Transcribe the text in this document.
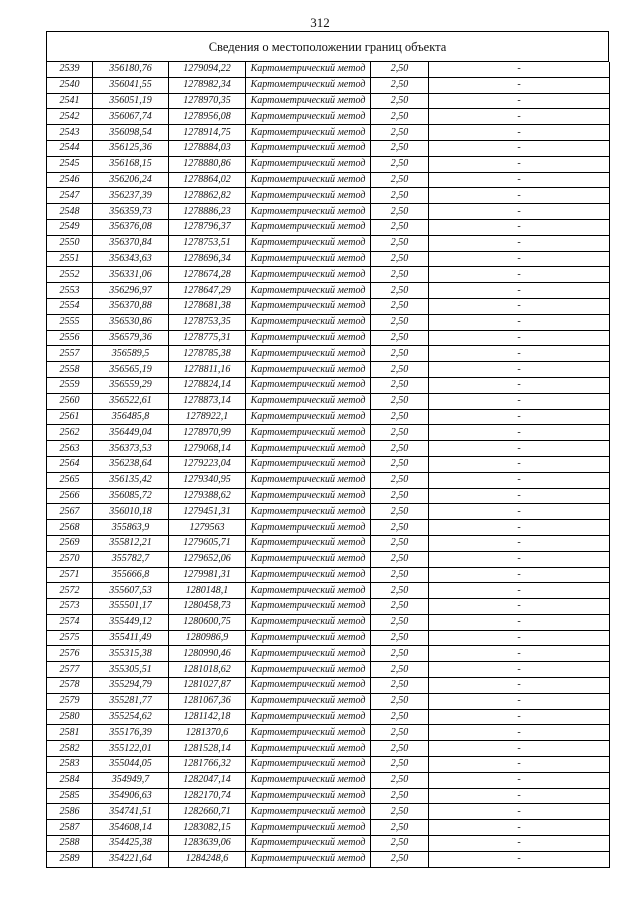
312
Сведения о местоположении границ объекта
2539	356180,76	1279094,22	Картометрический метод	2,50	-
2540	356041,55	1278982,34	Картометрический метод	2,50	-
2541	356051,19	1278970,35	Картометрический метод	2,50	-
2542	356067,74	1278956,08	Картометрический метод	2,50	-
2543	356098,54	1278914,75	Картометрический метод	2,50	-
2544	356125,36	1278884,03	Картометрический метод	2,50	-
2545	356168,15	1278880,86	Картометрический метод	2,50	-
2546	356206,24	1278864,02	Картометрический метод	2,50	-
2547	356237,39	1278862,82	Картометрический метод	2,50	-
2548	356359,73	1278886,23	Картометрический метод	2,50	-
2549	356376,08	1278796,37	Картометрический метод	2,50	-
2550	356370,84	1278753,51	Картометрический метод	2,50	-
2551	356343,63	1278696,34	Картометрический метод	2,50	-
2552	356331,06	1278674,28	Картометрический метод	2,50	-
2553	356296,97	1278647,29	Картометрический метод	2,50	-
2554	356370,88	1278681,38	Картометрический метод	2,50	-
2555	356530,86	1278753,35	Картометрический метод	2,50	-
2556	356579,36	1278775,31	Картометрический метод	2,50	-
2557	356589,5	1278785,38	Картометрический метод	2,50	-
2558	356565,19	1278811,16	Картометрический метод	2,50	-
2559	356559,29	1278824,14	Картометрический метод	2,50	-
2560	356522,61	1278873,14	Картометрический метод	2,50	-
2561	356485,8	1278922,1	Картометрический метод	2,50	-
2562	356449,04	1278970,99	Картометрический метод	2,50	-
2563	356373,53	1279068,14	Картометрический метод	2,50	-
2564	356238,64	1279223,04	Картометрический метод	2,50	-
2565	356135,42	1279340,95	Картометрический метод	2,50	-
2566	356085,72	1279388,62	Картометрический метод	2,50	-
2567	356010,18	1279451,31	Картометрический метод	2,50	-
2568	355863,9	1279563	Картометрический метод	2,50	-
2569	355812,21	1279605,71	Картометрический метод	2,50	-
2570	355782,7	1279652,06	Картометрический метод	2,50	-
2571	355666,8	1279981,31	Картометрический метод	2,50	-
2572	355607,53	1280148,1	Картометрический метод	2,50	-
2573	355501,17	1280458,73	Картометрический метод	2,50	-
2574	355449,12	1280600,75	Картометрический метод	2,50	-
2575	355411,49	1280986,9	Картометрический метод	2,50	-
2576	355315,38	1280990,46	Картометрический метод	2,50	-
2577	355305,51	1281018,62	Картометрический метод	2,50	-
2578	355294,79	1281027,87	Картометрический метод	2,50	-
2579	355281,77	1281067,36	Картометрический метод	2,50	-
2580	355254,62	1281142,18	Картометрический метод	2,50	-
2581	355176,39	1281370,6	Картометрический метод	2,50	-
2582	355122,01	1281528,14	Картометрический метод	2,50	-
2583	355044,05	1281766,32	Картометрический метод	2,50	-
2584	354949,7	1282047,14	Картометрический метод	2,50	-
2585	354906,63	1282170,74	Картометрический метод	2,50	-
2586	354741,51	1282660,71	Картометрический метод	2,50	-
2587	354608,14	1283082,15	Картометрический метод	2,50	-
2588	354425,38	1283639,06	Картометрический метод	2,50	-
2589	354221,64	1284248,6	Картометрический метод	2,50	-
